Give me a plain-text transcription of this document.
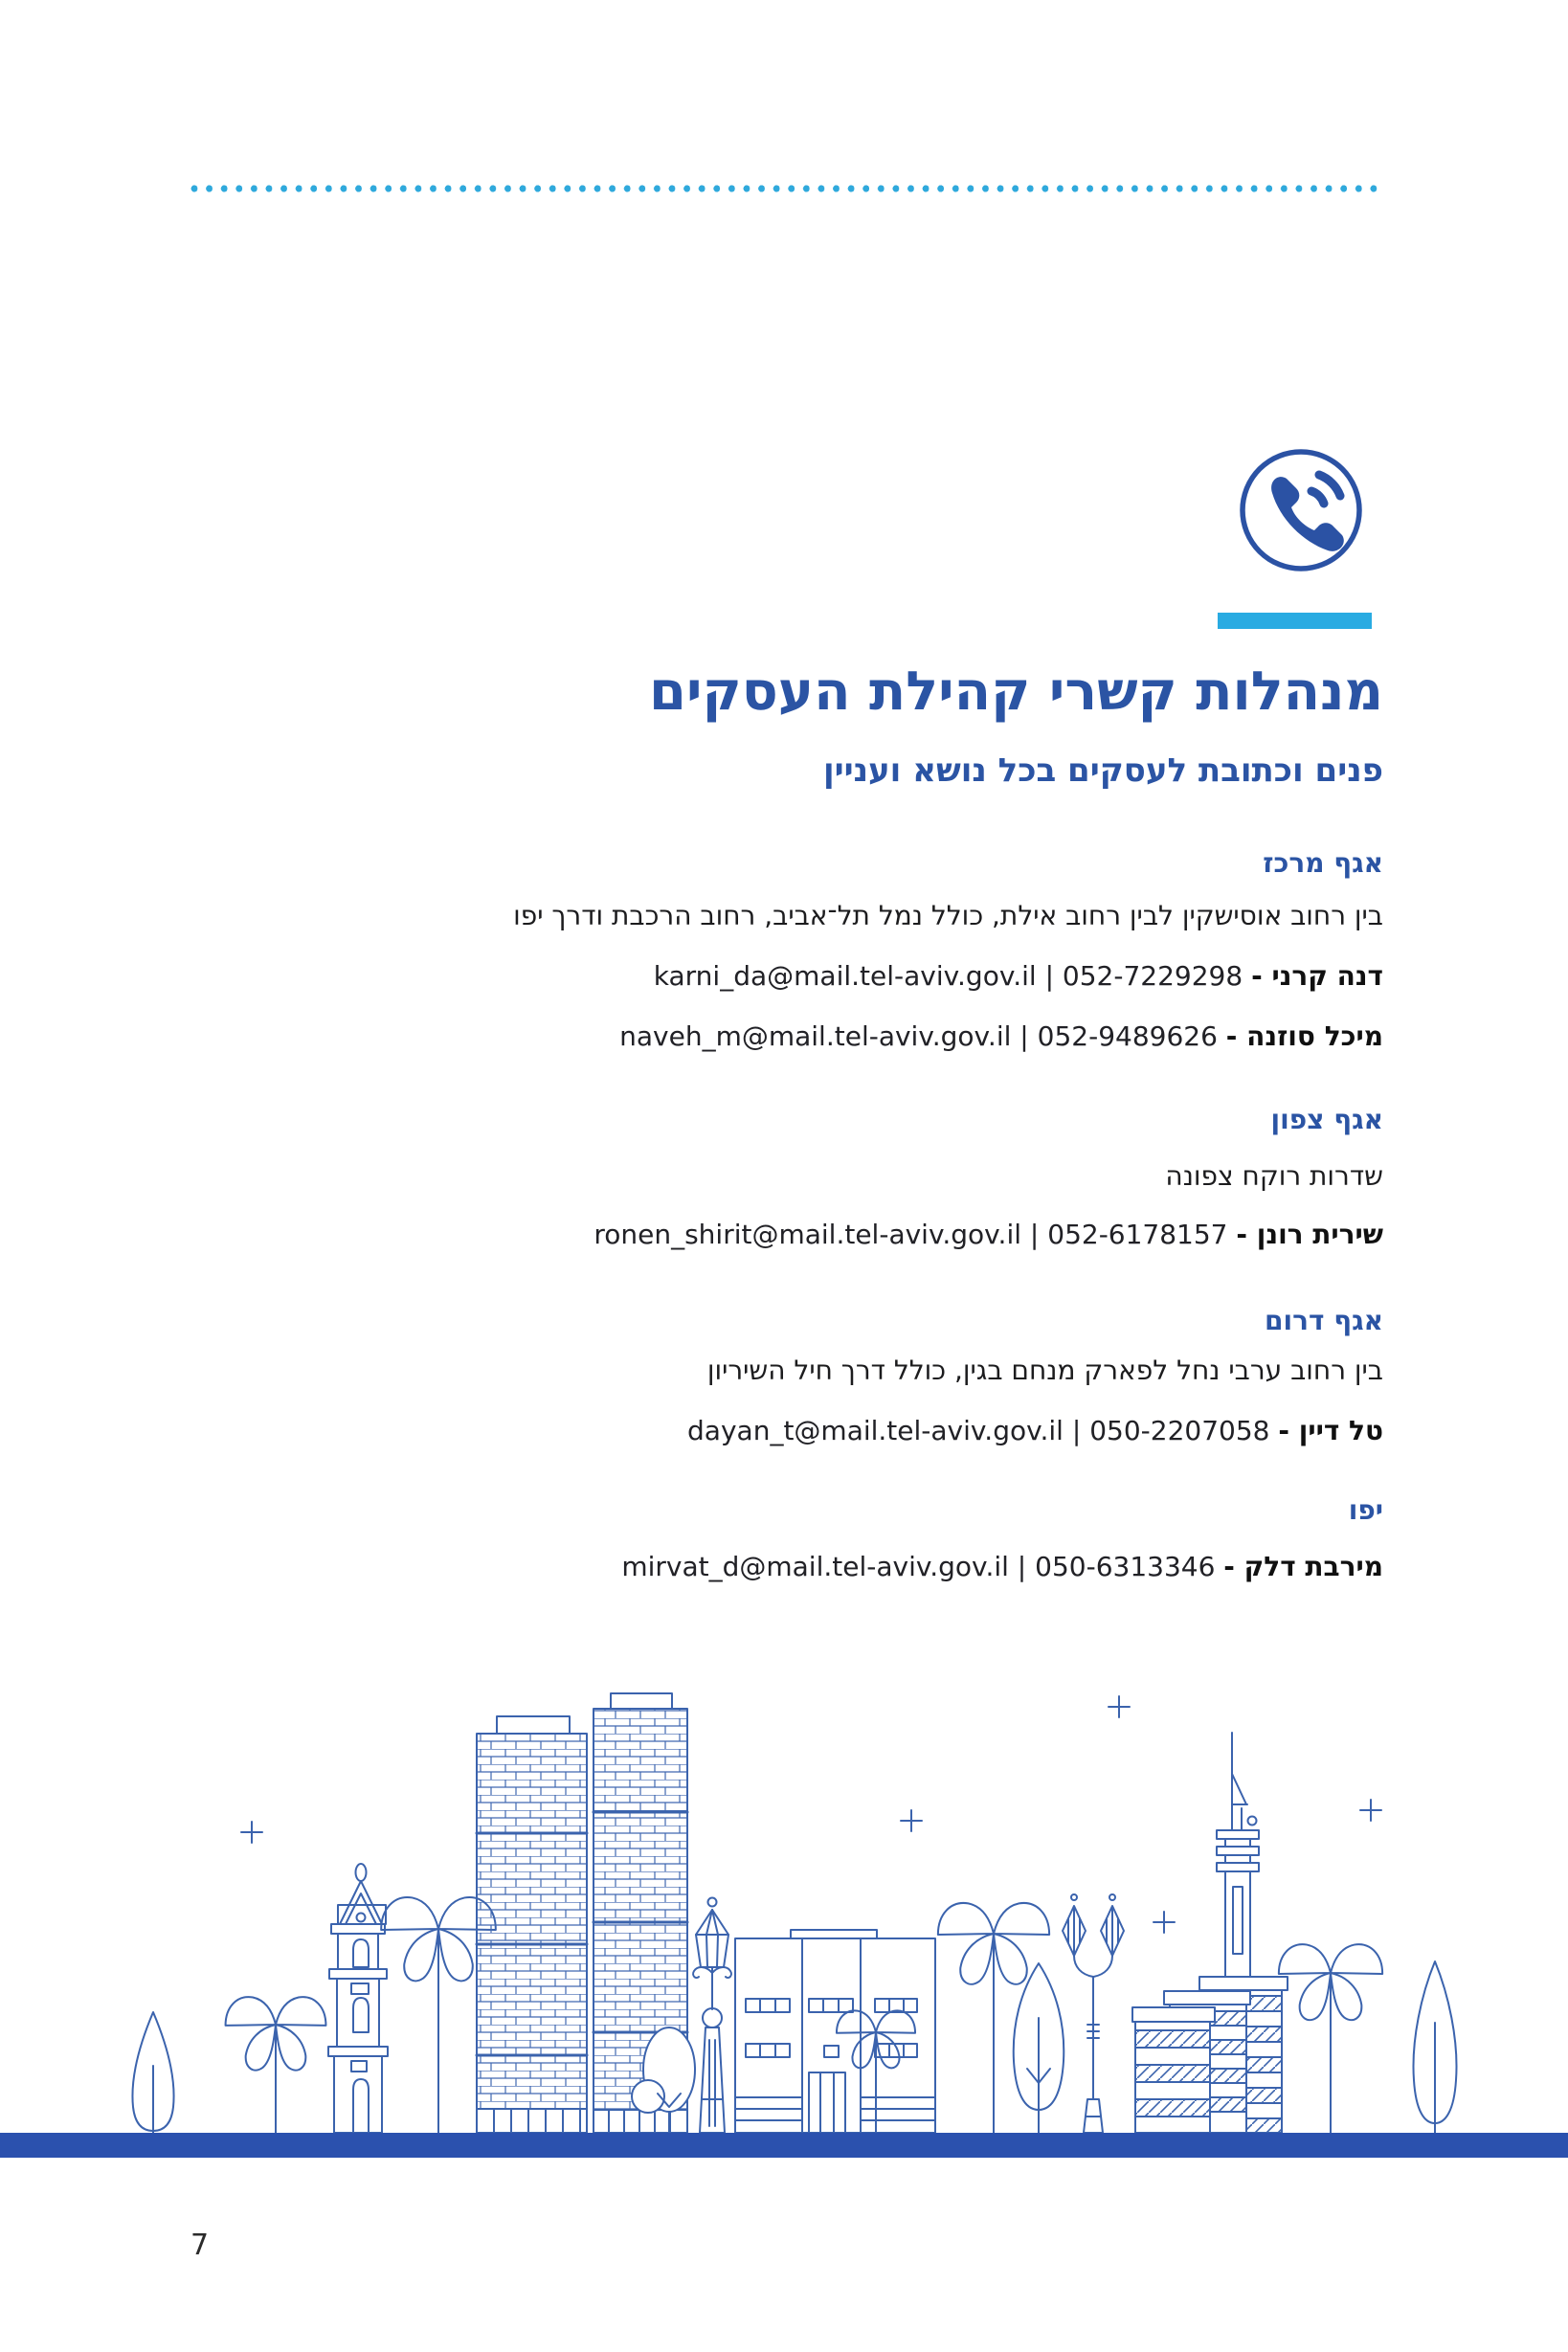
מנהלות קשרי קהילת העסקים
פנים וכתובת לעסקים בכל נושא ועניין
אגף מרכז
בין רחוב אוסישקין לבין רחוב אילת, כולל נמל תל־אביב, רחוב הרכבת ודרך יפו
דנה קרני - 052-7229298 | karni_da@mail.tel-aviv.gov.il
מיכל סוזנה - 052-9489626 | naveh_m@mail.tel-aviv.gov.il
אגף צפון
שדרות רוקח צפונה
שירית רונן - 052-6178157 | ronen_shirit@mail.tel-aviv.gov.il
אגף דרום
בין רחוב ערבי נחל לפארק מנחם בגין, כולל דרך חיל השיריון
טל דיין - 050-2207058 | dayan_t@mail.tel-aviv.gov.il
יפו
מירבת דלק - 050-6313346 | mirvat_d@mail.tel-aviv.gov.il
7
